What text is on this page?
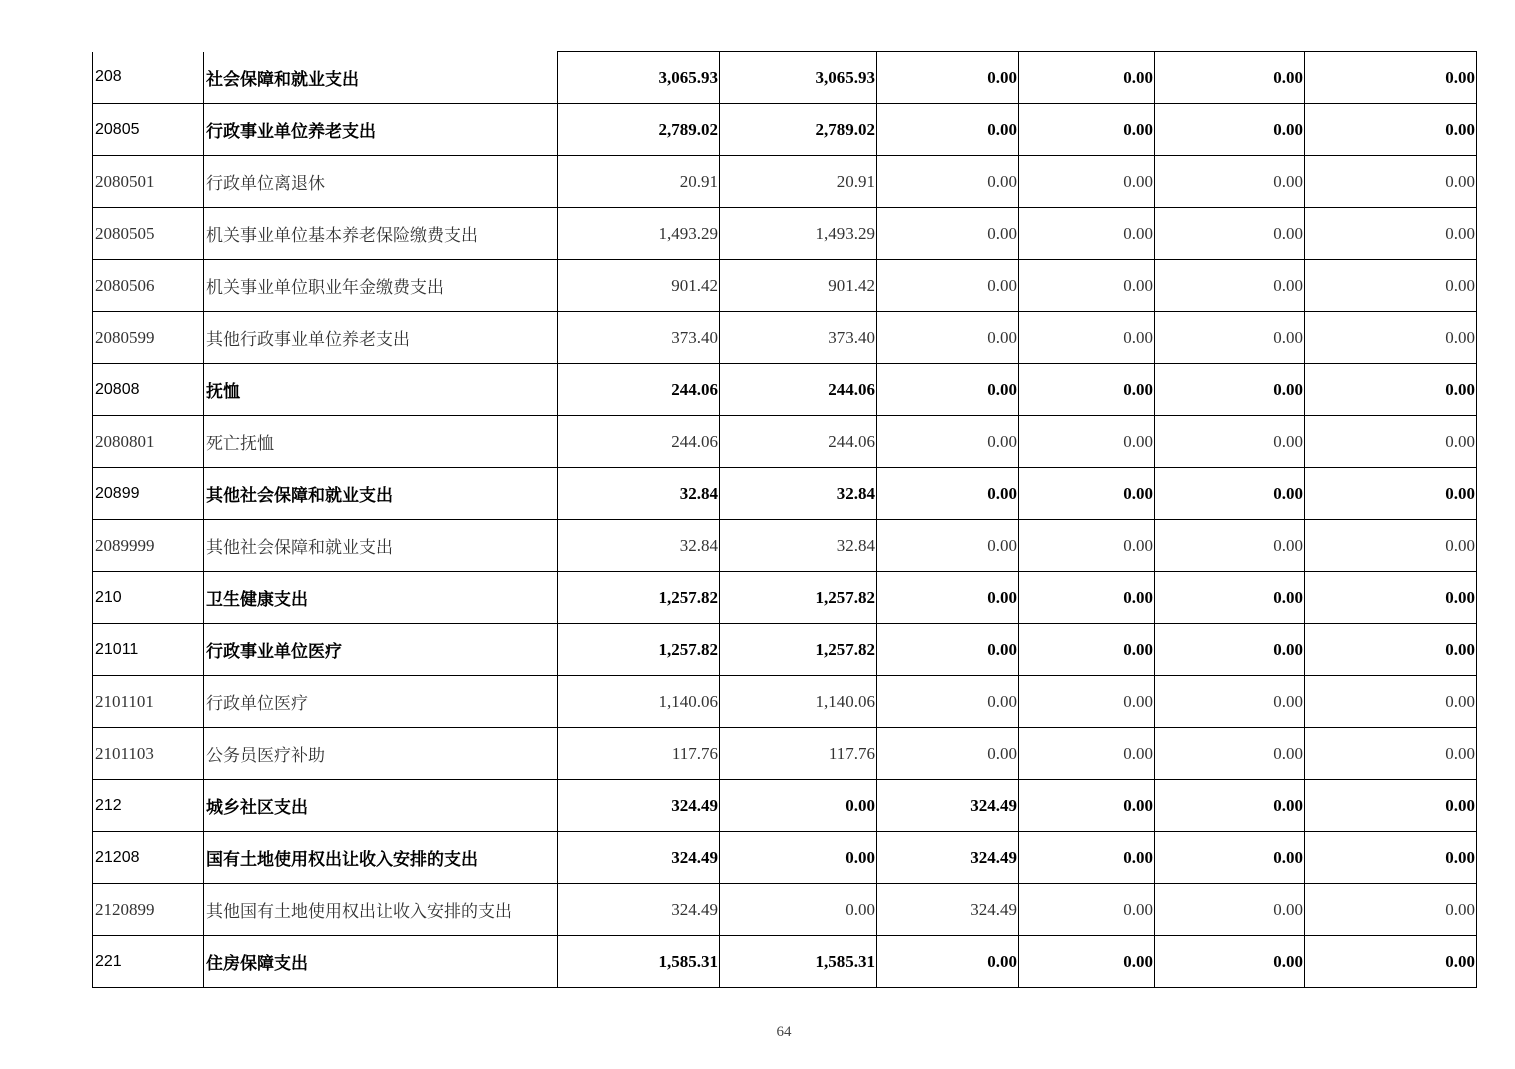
208	社会保障和就业支出	3,065.93	3,065.93	0.00	0.00	0.00	0.00
20805	行政事业单位养老支出	2,789.02	2,789.02	0.00	0.00	0.00	0.00
2080501	行政单位离退休	20.91	20.91	0.00	0.00	0.00	0.00
2080505	机关事业单位基本养老保险缴费支出	1,493.29	1,493.29	0.00	0.00	0.00	0.00
2080506	机关事业单位职业年金缴费支出	901.42	901.42	0.00	0.00	0.00	0.00
2080599	其他行政事业单位养老支出	373.40	373.40	0.00	0.00	0.00	0.00
20808	抚恤	244.06	244.06	0.00	0.00	0.00	0.00
2080801	死亡抚恤	244.06	244.06	0.00	0.00	0.00	0.00
20899	其他社会保障和就业支出	32.84	32.84	0.00	0.00	0.00	0.00
2089999	其他社会保障和就业支出	32.84	32.84	0.00	0.00	0.00	0.00
210	卫生健康支出	1,257.82	1,257.82	0.00	0.00	0.00	0.00
21011	行政事业单位医疗	1,257.82	1,257.82	0.00	0.00	0.00	0.00
2101101	行政单位医疗	1,140.06	1,140.06	0.00	0.00	0.00	0.00
2101103	公务员医疗补助	117.76	117.76	0.00	0.00	0.00	0.00
212	城乡社区支出	324.49	0.00	324.49	0.00	0.00	0.00
21208	国有土地使用权出让收入安排的支出	324.49	0.00	324.49	0.00	0.00	0.00
2120899	其他国有土地使用权出让收入安排的支出	324.49	0.00	324.49	0.00	0.00	0.00
221	住房保障支出	1,585.31	1,585.31	0.00	0.00	0.00	0.00
64
